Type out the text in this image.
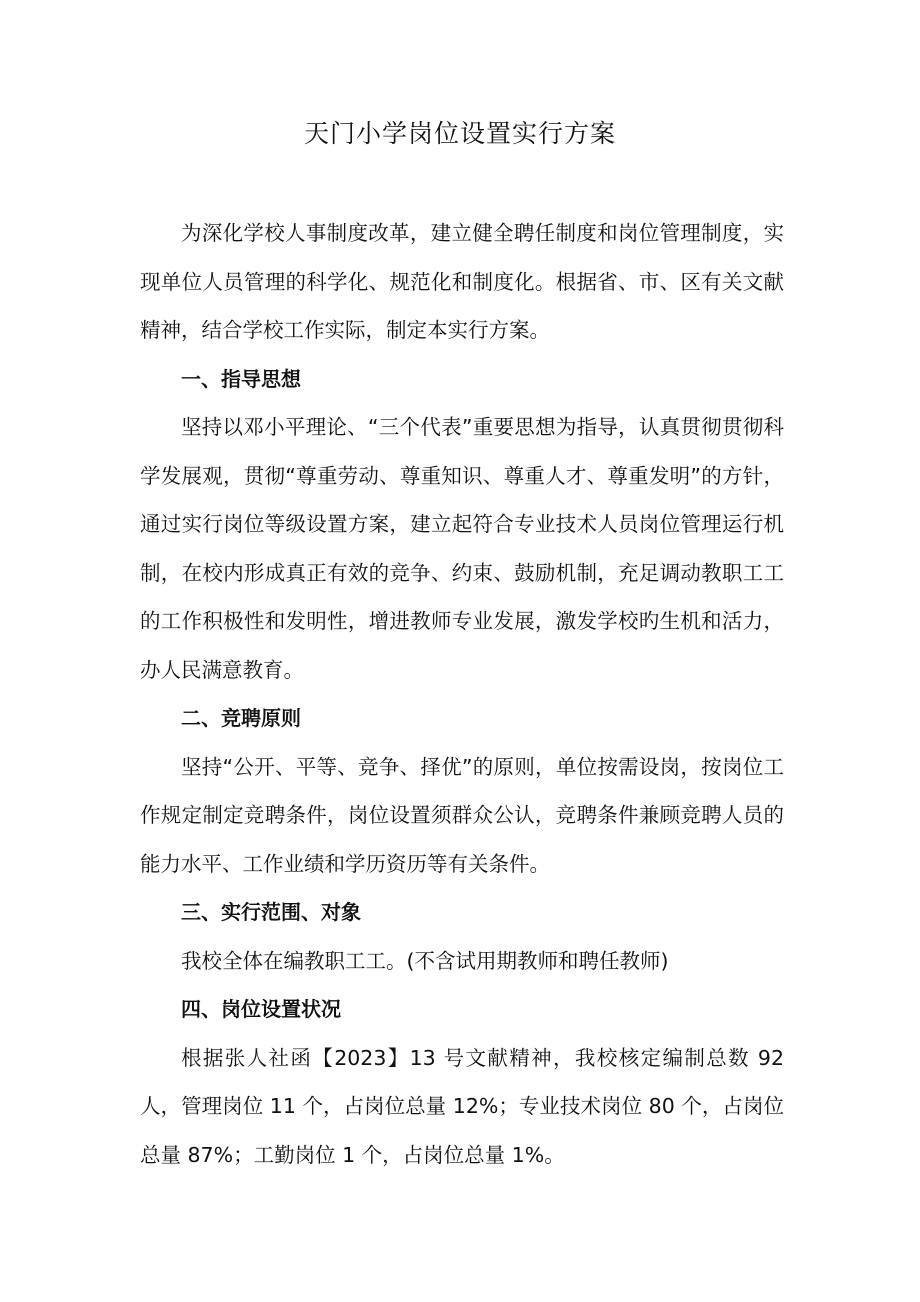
天门小学岗位设置实行方案

为深化学校人事制度改革，建立健全聘任制度和岗位管理制度，实现单位人员管理的科学化、规范化和制度化。根据省、市、区有关文献精神，结合学校工作实际，制定本实行方案。

一、指导思想

坚持以邓小平理论、“三个代表”重要思想为指导，认真贯彻贯彻科学发展观，贯彻“尊重劳动、尊重知识、尊重人才、尊重发明”的方针，通过实行岗位等级设置方案，建立起符合专业技术人员岗位管理运行机制，在校内形成真正有效的竞争、约束、鼓励机制，充足调动教职工工的工作积极性和发明性，增进教师专业发展，激发学校旳生机和活力，办人民满意教育。

二、竞聘原则

坚持“公开、平等、竞争、择优”的原则，单位按需设岗，按岗位工作规定制定竞聘条件，岗位设置须群众公认，竞聘条件兼顾竞聘人员的能力水平、工作业绩和学历资历等有关条件。

三、实行范围、对象

我校全体在编教职工工。(不含试用期教师和聘任教师)

四、岗位设置状况

根据张人社函【2023】13 号文献精神，我校核定编制总数 92 人，管理岗位 11 个，占岗位总量 12%；专业技术岗位 80 个，占岗位总量 87%；工勤岗位 1 个，占岗位总量 1%。
